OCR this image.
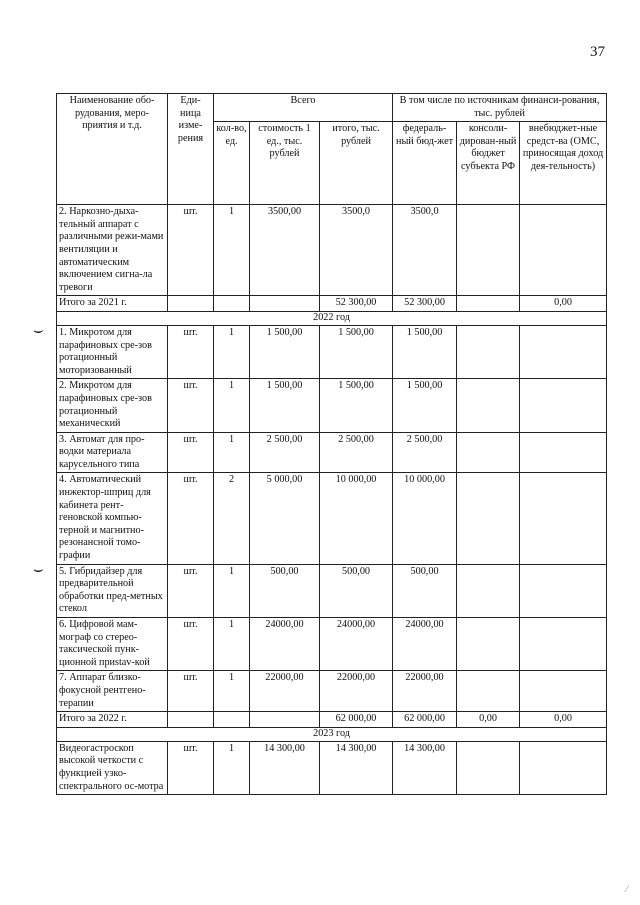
37
⌣
⌣
Наименование обо-рудования, меро-приятия и т.д.	Еди-ница изме-рения	Всего			В том числе по источникам финанси-рования, тыс. рублей		
		кол-во, ед.	стоимость 1 ед., тыс. рублей	итого, тыс. рублей	федераль-ный бюд-жет	консоли-дирован-ный бюджет субъекта РФ	внебюджет-ные средст-ва (ОМС, приносящая доход дея-тельность)
2. Наркозно-дыха-тельный аппарат с различными режи-мами вентиляции и автоматическим включением сигна-ла тревоги	шт.	1	3500,00	3500,0	3500,0		
Итого за 2021 г.				52 300,00	52 300,00		0,00
2022 год							
1. Микротом для парафиновых сре-зов ротационный моторизованный	шт.	1	1 500,00	1 500,00	1 500,00		
2. Микротом для парафиновых сре-зов ротационный механический	шт.	1	1 500,00	1 500,00	1 500,00		
3. Автомат для про-водки материала карусельного типа	шт.	1	2 500,00	2 500,00	2 500,00		
4. Автоматический инжектор-шприц для кабинета рент-геновской компью-терной и магнитно-резонансной томо-графии	шт.	2	5 000,00	10 000,00	10 000,00		
5. Гибридайзер для предварительной обработки пред-метных стекол	шт.	1	500,00	500,00	500,00		
6. Цифровой мам-мограф со стерео-таксической пунк-ционной приstav-кой	шт.	1	24000,00	24000,00	24000,00		
7. Аппарат близко-фокусной рентгено-терапии	шт.	1	22000,00	22000,00	22000,00		
Итого за 2022 г.				62 000,00	62 000,00	0,00	0,00
2023 год							
Видеогастроскоп высокой четкости с функцией узко-спектрального ос-мотра	шт.	1	14 300,00	14 300,00	14 300,00		
⁄
